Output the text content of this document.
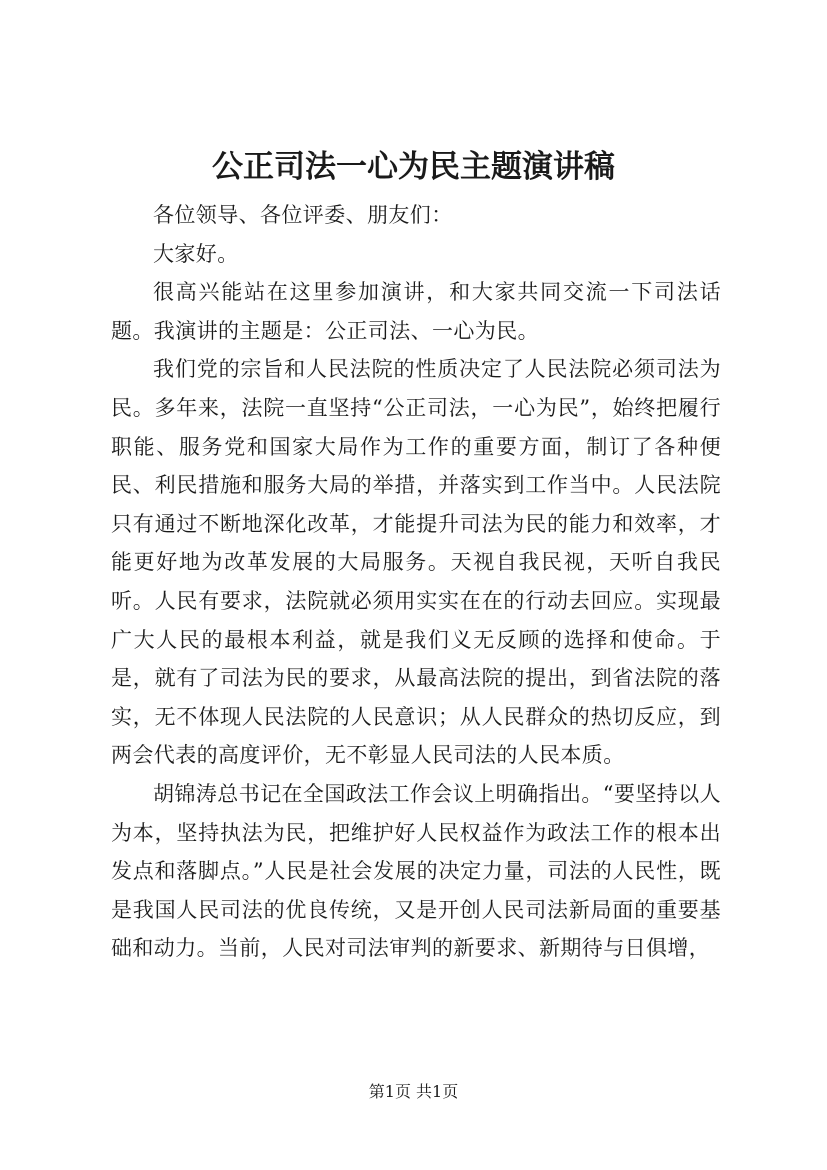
公正司法一心为民主题演讲稿

各位领导、各位评委、朋友们：

大家好。

很高兴能站在这里参加演讲，和大家共同交流一下司法话题。我演讲的主题是：公正司法、一心为民。

我们党的宗旨和人民法院的性质决定了人民法院必须司法为民。多年来，法院一直坚持“公正司法，一心为民”，始终把履行职能、服务党和国家大局作为工作的重要方面，制订了各种便民、利民措施和服务大局的举措，并落实到工作当中。人民法院只有通过不断地深化改革，才能提升司法为民的能力和效率，才能更好地为改革发展的大局服务。天视自我民视，天听自我民听。人民有要求，法院就必须用实实在在的行动去回应。实现最广大人民的最根本利益，就是我们义无反顾的选择和使命。于是，就有了司法为民的要求，从最高法院的提出，到省法院的落实，无不体现人民法院的人民意识；从人民群众的热切反应，到两会代表的高度评价，无不彰显人民司法的人民本质。

胡锦涛总书记在全国政法工作会议上明确指出。“要坚持以人为本，坚持执法为民，把维护好人民权益作为政法工作的根本出发点和落脚点。”人民是社会发展的决定力量，司法的人民性，既是我国人民司法的优良传统，又是开创人民司法新局面的重要基础和动力。当前，人民对司法审判的新要求、新期待与日俱增，

第1页 共1页
